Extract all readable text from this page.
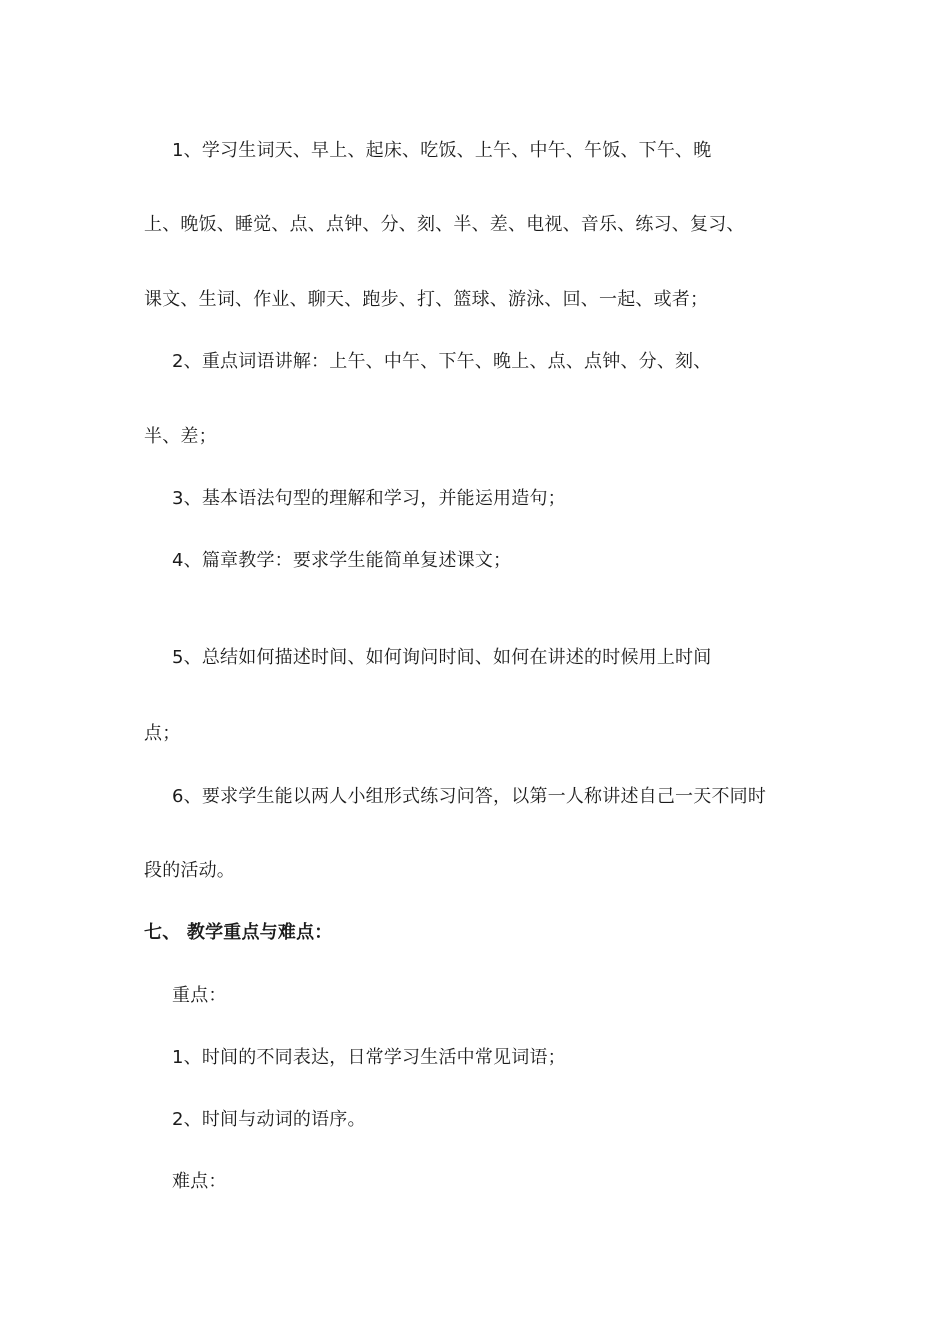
1、学习生词天、早上、起床、吃饭、上午、中午、午饭、下午、晚
上、晚饭、睡觉、点、点钟、分、刻、半、差、电视、音乐、练习、复习、
课文、生词、作业、聊天、跑步、打、篮球、游泳、回、一起、或者；
2、重点词语讲解：上午、中午、下午、晚上、点、点钟、分、刻、
半、差；
3、基本语法句型的理解和学习，并能运用造句；
4、篇章教学：要求学生能简单复述课文；
5、总结如何描述时间、如何询问时间、如何在讲述的时候用上时间
点；
6、要求学生能以两人小组形式练习问答，以第一人称讲述自己一天不同时
段的活动。
七、 教学重点与难点：
重点：
1、时间的不同表达，日常学习生活中常见词语；
2、时间与动词的语序。
难点：
